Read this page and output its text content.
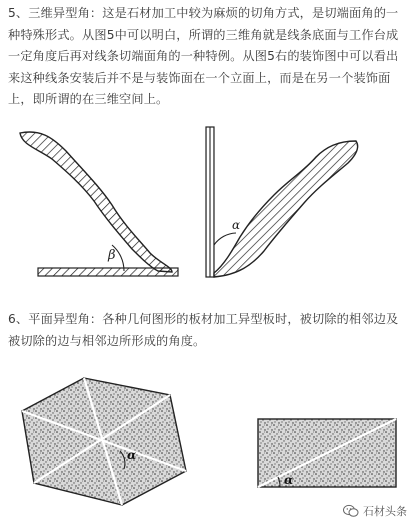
5、三维异型角：这是石材加工中较为麻烦的切角方式，是切端面角的一种特殊形式。从图5中可以明白，所谓的三维角就是线条底面与工作台成一定角度后再对线条切端面角的一种特例。从图5右的装饰图中可以看出来这种线条安装后并不是与装饰面在一个立面上，而是在另一个装饰面上，即所谓的在三维空间上。
β
α
6、平面异型角：各种几何图形的板材加工异型板时，被切除的相邻边及被切除的边与相邻边所形成的角度。
α
α
石材头条
